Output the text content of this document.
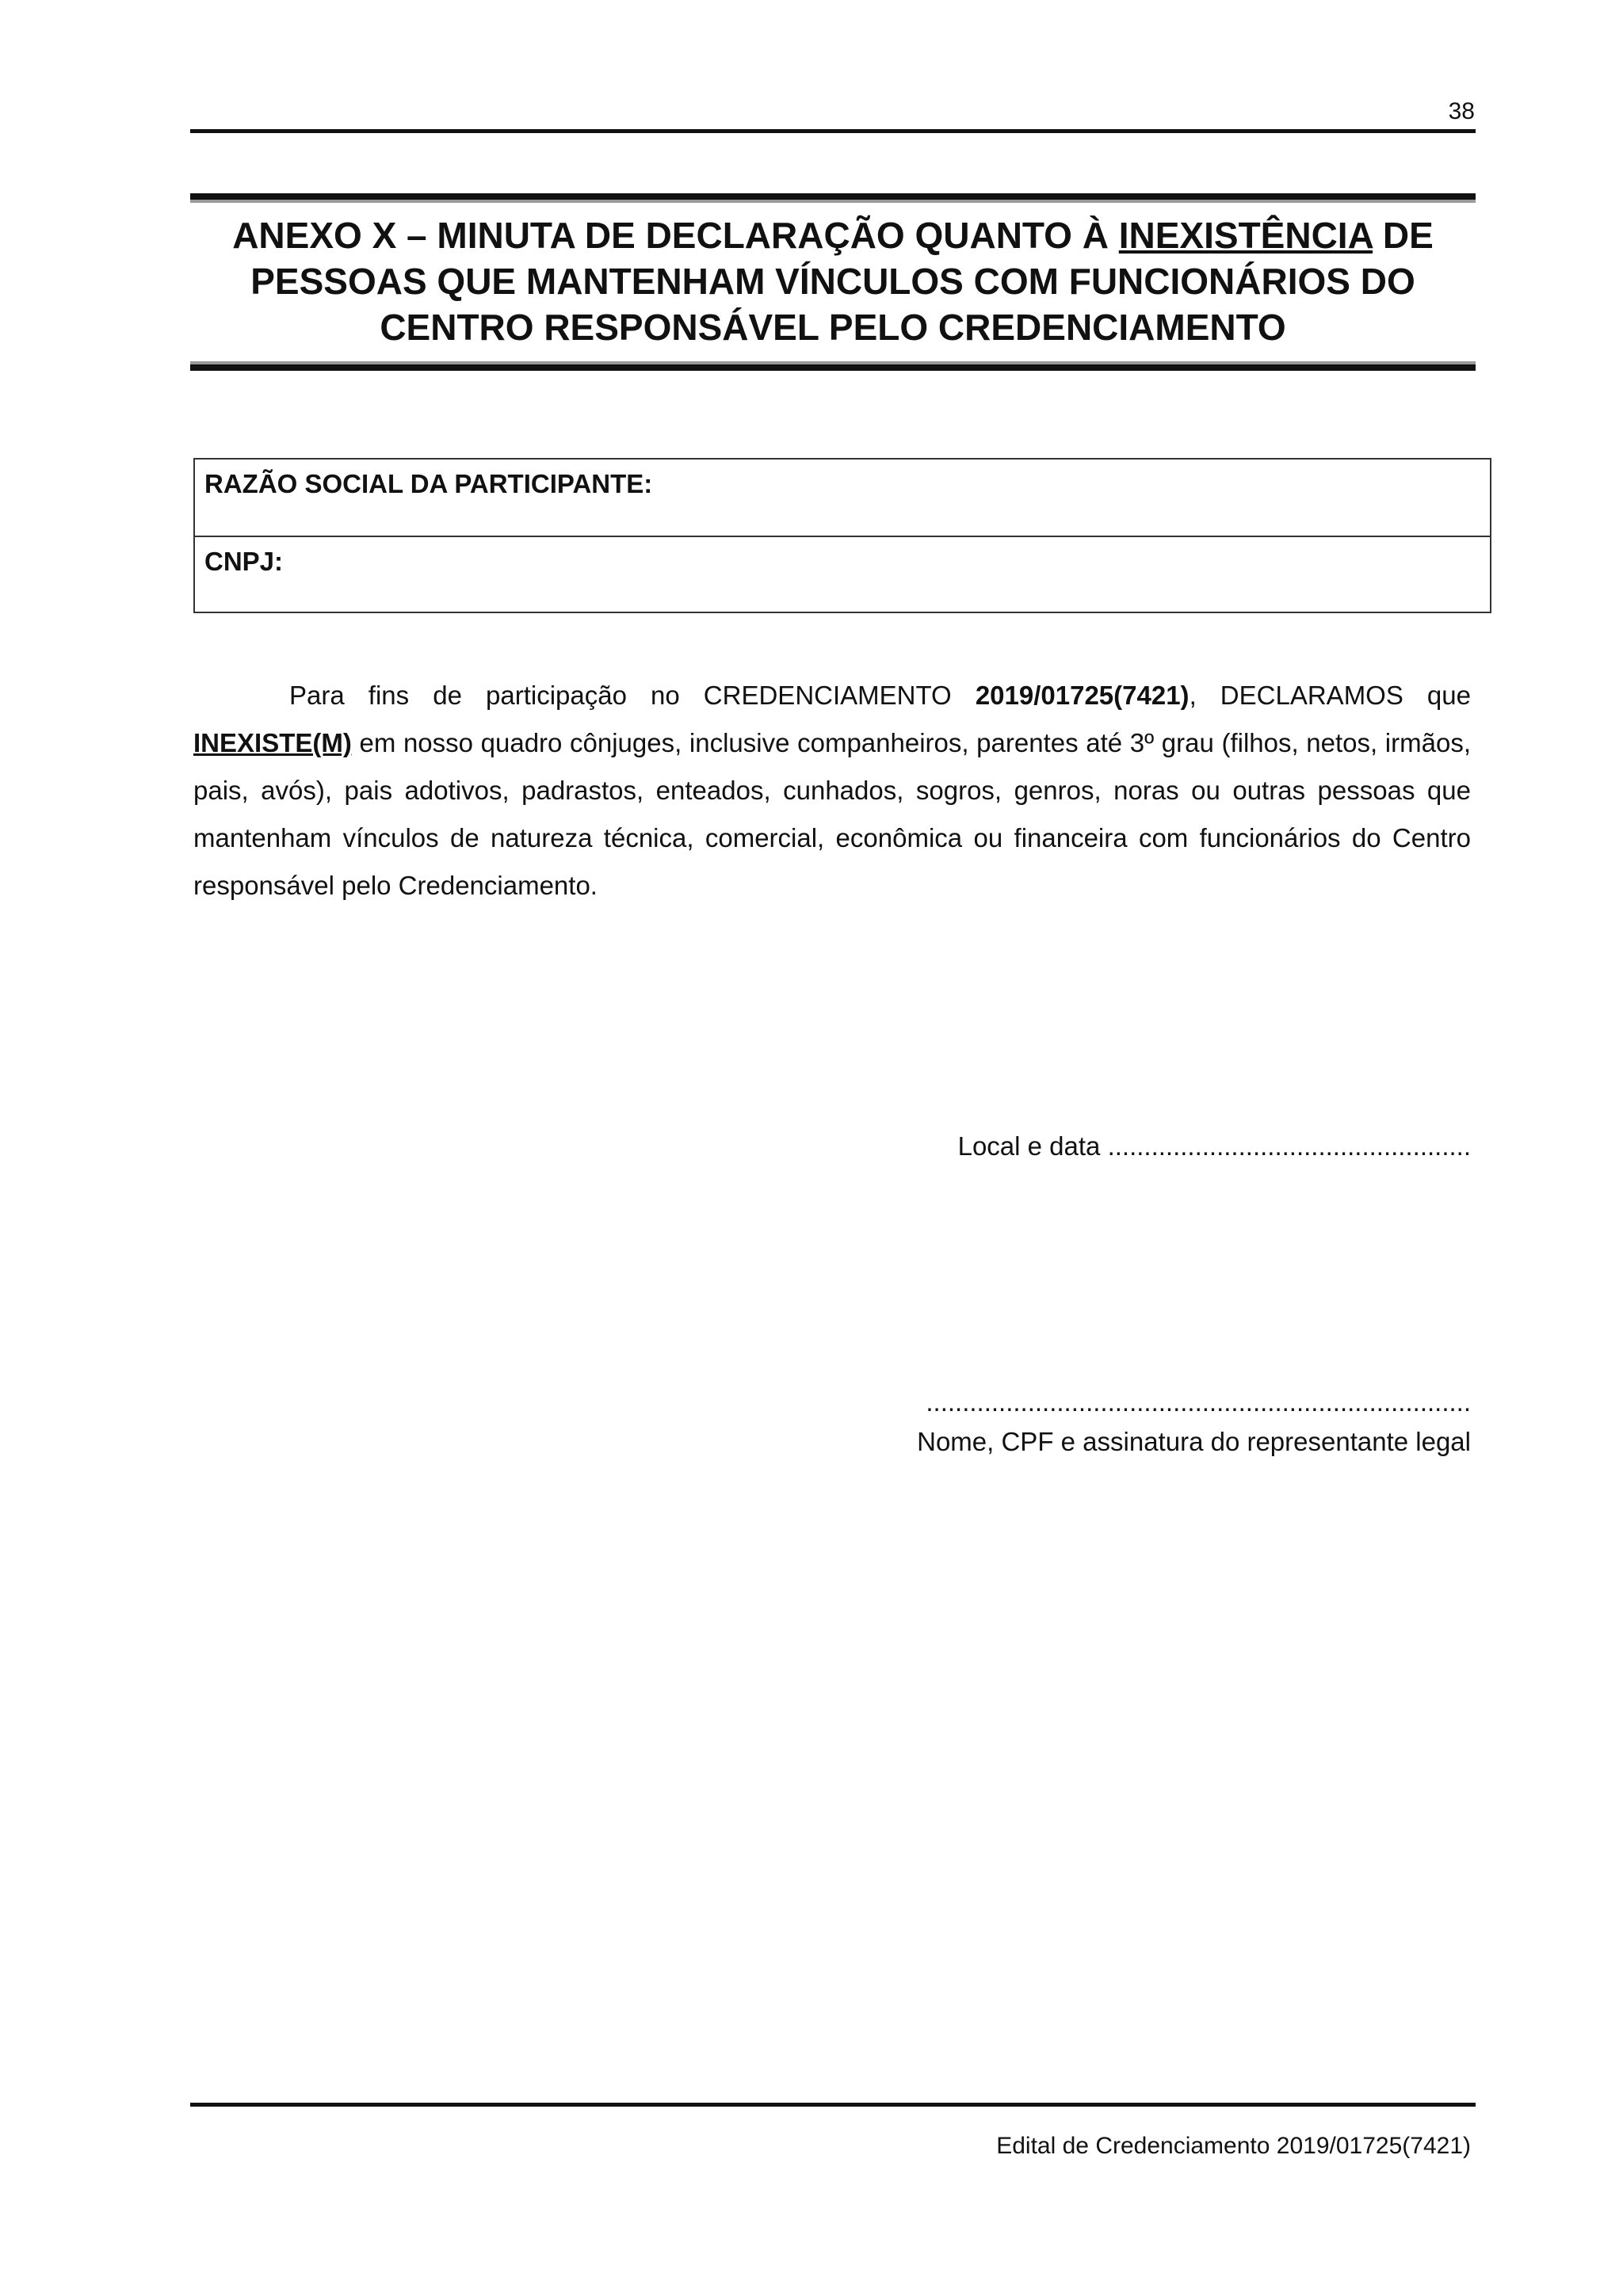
38
ANEXO X – MINUTA DE DECLARAÇÃO QUANTO À INEXISTÊNCIA DE
PESSOAS QUE MANTENHAM VÍNCULOS COM FUNCIONÁRIOS DO
CENTRO RESPONSÁVEL PELO CREDENCIAMENTO
RAZÃO SOCIAL DA PARTICIPANTE:
CNPJ:
Para fins de participação no CREDENCIAMENTO 2019/01725(7421), DECLARAMOS que INEXISTE(M) em nosso quadro cônjuges, inclusive companheiros, parentes até 3º grau (filhos, netos, irmãos, pais, avós), pais adotivos, padrastos, enteados, cunhados, sogros, genros, noras ou outras pessoas que mantenham vínculos de natureza técnica, comercial, econômica ou financeira com funcionários do Centro responsável pelo Credenciamento.
Local e data ..................................................
...........................................................................
Nome, CPF e assinatura do representante legal
Edital de Credenciamento 2019/01725(7421)
